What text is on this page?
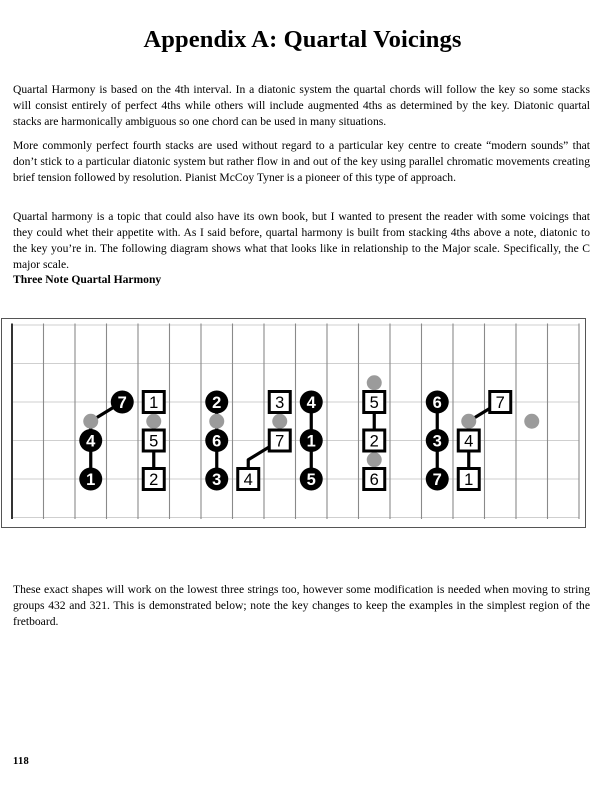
Appendix A: Quartal Voicings

Quartal Harmony is based on the 4th interval. In a diatonic system the quartal chords will follow the key so some stacks will consist entirely of perfect 4ths while others will include augmented 4ths as determined by the key. Diatonic quartal stacks are harmonically ambiguous so one chord can be used in many situations.

More commonly perfect fourth stacks are used without regard to a particular key centre to create “modern sounds” that don’t stick to a particular diatonic system but rather flow in and out of the key using parallel chromatic movements creating brief tension followed by resolution. Pianist McCoy Tyner is a pioneer of this type of approach.

Quartal harmony is a topic that could also have its own book, but I wanted to present the reader with some voicings that they could whet their appetite with. As I said before, quartal harmony is built from stacking 4ths above a note, diatonic to the key you’re in. The following diagram shows what that looks like in relationship to the Major scale. Specifically, the C major scale.

Three Note Quartal Harmony
7
4
1
1
5
2
2
6
3
3
7
4
4
1
5
5
2
6
6
3
7
7
4
1

These exact shapes will work on the lowest three strings too, however some modification is needed when moving to string groups 432 and 321. This is demonstrated below; note the key changes to keep the examples in the simplest region of the fretboard.

118
